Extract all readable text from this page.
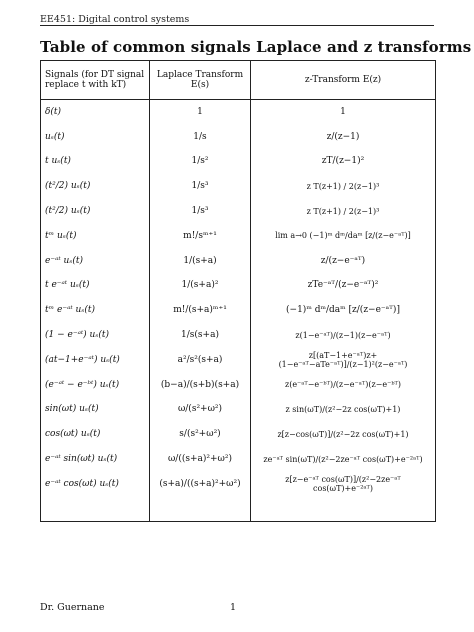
EE451: Digital control systems
Table of common signals Laplace and z transforms
Signals (for DT signal replace t with kT)	Laplace Transform E(s)	z-Transform E(z)
δ(t)	1	1
uₛ(t)	1/s	z/(z−1)
t uₛ(t)	1/s²	zT/(z−1)²
(t²/2) uₛ(t)	1/s³	z T(z+1) / 2(z−1)³
(t²/2) uₛ(t)	1/s³	z T(z+1) / 2(z−1)³
tᵐ uₛ(t)	m!/sᵐ⁺¹	lim a→0 (−1)ᵐ dᵐ/daᵐ [z/(z−e⁻ᵃᵀ)]
e⁻ᵃᵗ uₛ(t)	1/(s+a)	z/(z−e⁻ᵃᵀ)
t e⁻ᵃᵗ uₛ(t)	1/(s+a)²	zTe⁻ᵃᵀ/(z−e⁻ᵃᵀ)²
tᵐ e⁻ᵃᵗ uₛ(t)	m!/(s+a)ᵐ⁺¹	(−1)ᵐ dᵐ/daᵐ [z/(z−e⁻ᵃᵀ)]
(1 − e⁻ᵃᵗ) uₛ(t)	1/s(s+a)	z(1−e⁻ᵃᵀ)/(z−1)(z−e⁻ᵃᵀ)
(at−1+e⁻ᵃᵗ) uₛ(t)	a²/s²(s+a)	z[(aT−1+e⁻ᵃᵀ)z+(1−e⁻ᵃᵀ−aTe⁻ᵃᵀ)]/(z−1)²(z−e⁻ᵃᵀ)
(e⁻ᵃᵗ − e⁻ᵇᵗ) uₛ(t)	(b−a)/(s+b)(s+a)	z(e⁻ᵃᵀ−e⁻ᵇᵀ)/(z−e⁻ᵃᵀ)(z−e⁻ᵇᵀ)
sin(ωt) uₛ(t)	ω/(s²+ω²)	z sin(ωT)/(z²−2z cos(ωT)+1)
cos(ωt) uₛ(t)	s/(s²+ω²)	z[z−cos(ωT)]/(z²−2z cos(ωT)+1)
e⁻ᵃᵗ sin(ωt) uₛ(t)	ω/((s+a)²+ω²)	ze⁻ᵃᵀ sin(ωT)/(z²−2ze⁻ᵃᵀ cos(ωT)+e⁻²ᵃᵀ)
e⁻ᵃᵗ cos(ωt) uₛ(t)	(s+a)/((s+a)²+ω²)	z[z−e⁻ᵃᵀ cos(ωT)]/(z²−2ze⁻ᵃᵀ cos(ωT)+e⁻²ᵃᵀ)

Dr. Guernane	1
